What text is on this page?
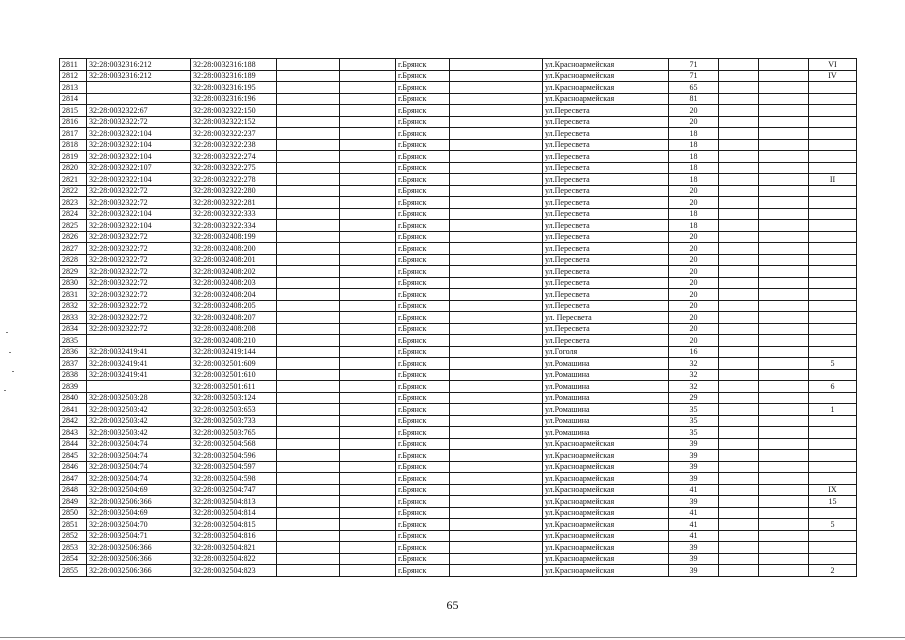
2811	32:28:0032316:212	32:28:0032316:188			г.Брянск		ул.Красноармейская	71			VI
2812	32:28:0032316:212	32:28:0032316:189			г.Брянск		ул.Красноармейская	71			IV
2813		32:28:0032316:195			г.Брянск		ул.Красноармейская	65			
2814		32:28:0032316:196			г.Брянск		ул.Красноармейская	81			
2815	32:28:0032322:67	32:28:0032322:150			г.Брянск		ул.Пересвета	20			
2816	32:28:0032322:72	32:28:0032322:152			г.Брянск		ул.Пересвета	20			
2817	32:28:0032322:104	32:28:0032322:237			г.Брянск		ул.Пересвета	18			
2818	32:28:0032322:104	32:28:0032322:238			г.Брянск		ул.Пересвета	18			
2819	32:28:0032322:104	32:28:0032322:274			г.Брянск		ул.Пересвета	18			
2820	32:28:0032322:107	32:28:0032322:275			г.Брянск		ул.Пересвета	18			
2821	32:28:0032322:104	32:28:0032322:278			г.Брянск		ул.Пересвета	18			II
2822	32:28:0032322:72	32:28:0032322:280			г.Брянск		ул.Пересвета	20			
2823	32:28:0032322:72	32:28:0032322:281			г.Брянск		ул.Пересвета	20			
2824	32:28:0032322:104	32:28:0032322:333			г.Брянск		ул.Пересвета	18			
2825	32:28:0032322:104	32:28:0032322:334			г.Брянск		ул.Пересвета	18			
2826	32:28:0032322:72	32:28:0032408:199			г.Брянск		ул.Пересвета	20			
2827	32:28:0032322:72	32:28:0032408:200			г.Брянск		ул.Пересвета	20			
2828	32:28:0032322:72	32:28:0032408:201			г.Брянск		ул.Пересвета	20			
2829	32:28:0032322:72	32:28:0032408:202			г.Брянск		ул.Пересвета	20			
2830	32:28:0032322:72	32:28:0032408:203			г.Брянск		ул.Пересвета	20			
2831	32:28:0032322:72	32:28:0032408:204			г.Брянск		ул.Пересвета	20			
2832	32:28:0032322:72	32:28:0032408:205			г.Брянск		ул.Пересвета	20			
2833	32:28:0032322:72	32:28:0032408:207			г.Брянск		ул. Пересвета	20			
2834	32:28:0032322:72	32:28:0032408:208			г.Брянск		ул.Пересвета	20			
2835		32:28:0032408:210			г.Брянск		ул.Пересвета	20			
2836	32:28:0032419:41	32:28:0032419:144			г.Брянск		ул.Гоголя	16			
2837	32:28:0032419:41	32:28:0032501:609			г.Брянск		ул.Ромашина	32			5
2838	32:28:0032419:41	32:28:0032501:610			г.Брянск		ул.Ромашина	32			
2839		32:28:0032501:611			г.Брянск		ул.Ромашина	32			6
2840	32:28:0032503:28	32:28:0032503:124			г.Брянск		ул.Ромашина	29			
2841	32:28:0032503:42	32:28:0032503:653			г.Брянск		ул.Ромашина	35			1
2842	32:28:0032503:42	32:28:0032503:733			г.Брянск		ул.Ромашина	35			
2843	32:28:0032503:42	32:28:0032503:765			г.Брянск		ул.Ромашина	35			
2844	32:28:0032504:74	32:28:0032504:568			г.Брянск		ул.Красноармейская	39			
2845	32:28:0032504:74	32:28:0032504:596			г.Брянск		ул.Красноармейская	39			
2846	32:28:0032504:74	32:28:0032504:597			г.Брянск		ул.Красноармейская	39			
2847	32:28:0032504:74	32:28:0032504:598			г.Брянск		ул.Красноармейская	39			
2848	32:28:0032504:69	32:28:0032504:747			г.Брянск		ул.Красноармейская	41			IX
2849	32:28:0032506:366	32:28:0032504:813			г.Брянск		ул.Красноармейская	39			15
2850	32:28:0032504:69	32:28:0032504:814			г.Брянск		ул.Красноармейская	41			
2851	32:28:0032504:70	32:28:0032504:815			г.Брянск		ул.Красноармейская	41			5
2852	32:28:0032504:71	32:28:0032504:816			г.Брянск		ул.Красноармейская	41			
2853	32:28:0032506:366	32:28:0032504:821			г.Брянск		ул.Красноармейская	39			
2854	32:28:0032506:366	32:28:0032504:822			г.Брянск		ул.Красноармейская	39			
2855	32:28:0032506:366	32:28:0032504:823			г.Брянск		ул.Красноармейская	39			2
65
